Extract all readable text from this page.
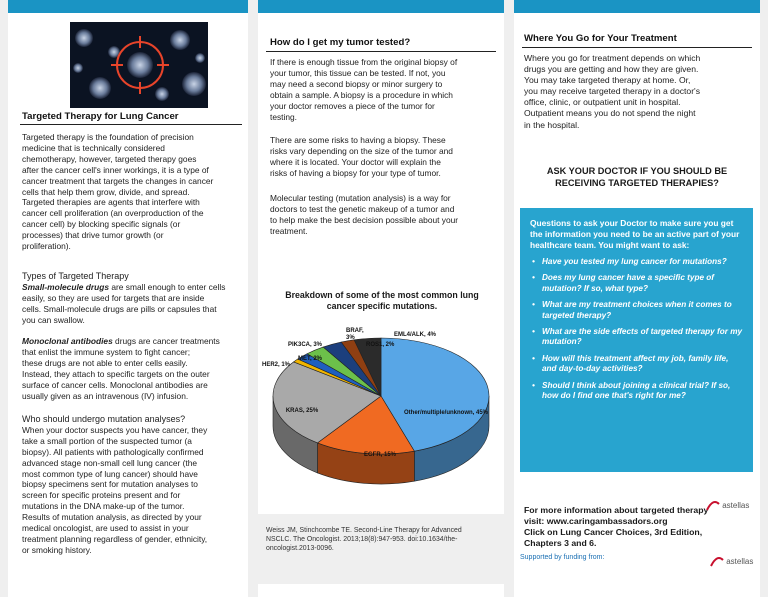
Targeted Therapy for Lung Cancer
Targeted therapy is the foundation of precision
medicine that is technically considered
chemotherapy, however, targeted therapy goes
after the cancer cell's inner workings, it is a type of
cancer treatment that targets the changes in cancer
cells that help them grow, divide, and spread.
Targeted therapies are agents that interfere with
cancer cell proliferation (an overproduction of the
cancer cell) by blocking specific signals (or
processes) that drive tumor growth (or
proliferation).
Types of Targeted Therapy
Small-molecule drugs are small enough to enter cells
easily, so they are used for targets that are inside
cells. Small-molecule drugs are pills or capsules that
you can swallow.
Monoclonal antibodies drugs are cancer treatments
that enlist the immune system to fight cancer;
these drugs are not able to enter cells easily.
Instead, they attach to specific targets on the outer
surface of cancer cells. Monoclonal antibodies are
usually given as an intravenous (IV) infusion.
Who should undergo mutation analyses?
When your doctor suspects you have cancer, they
take a small portion of the suspected tumor (a
biopsy). All patients with pathologically confirmed
advanced stage non-small cell lung cancer (the
most common type of lung cancer) should have
biopsy specimens sent for mutation analyses to
screen for specific proteins present and for
mutations in the DNA make-up of the tumor.
Results of mutation analysis, as directed by your
medical oncologist, are used to assist in your
treatment planning regardless of gender, ethnicity,
or smoking history.
How do I get my tumor tested?
If there is enough tissue from the original biopsy of
your tumor, this tissue can be tested. If not, you
may need a second biopsy or minor surgery to
obtain a sample. A biopsy is a procedure in which
your doctor removes a piece of the tumor for
testing.
There are some risks to having a biopsy. These
risks vary depending on the size of the tumor and
where it is located. Your doctor will explain the
risks of having a biopsy for your type of tumor.
Molecular testing (mutation analysis) is a way for
doctors to test the genetic makeup of a tumor and
to help make the best decision possible about your
treatment.
Breakdown of some of the most common lung
cancer specific mutations.
Other/multiple/unknown, 45%
EGFR, 15%
KRAS, 25%
HER2, 1%
MET, 2%
PIK3CA, 3%
BRAF, 3%
ROS1, 2%
EML4/ALK, 4%
Weiss JM, Stinchcombe TE. Second-Line Therapy for Advanced
NSCLC. The Oncologist. 2013;18(8):947-953. doi:10.1634/the-
oncologist.2013-0096.
Where You Go for Your Treatment
Where you go for treatment depends on which
drugs you are getting and how they are given.
You may take targeted therapy at home. Or,
you may receive targeted therapy in a doctor's
office, clinic, or outpatient unit in hospital.
Outpatient means you do not spend the night
in the hospital.
ASK YOUR DOCTOR IF YOU SHOULD BE
RECEIVING TARGETED THERAPIES?
Questions to ask your Doctor to make sure you get the information you need to be an active part of your healthcare team. You might want to ask:
• Have you tested my lung cancer for mutations?
• Does my lung cancer have a specific type of mutation? If so, what type?
• What are my treatment choices when it comes to targeted therapy?
• What are the side effects of targeted therapy for my mutation?
• How will this treatment affect my job, family life, and day-to-day activities?
• Should I think about joining a clinical trial? If so, how do I find one that's right for me?
For more information about targeted therapy
visit: www.caringambassadors.org
Click on Lung Cancer Choices, 3rd Edition,
Chapters 3 and 6.
astellas
Supported by funding from:	astellas
